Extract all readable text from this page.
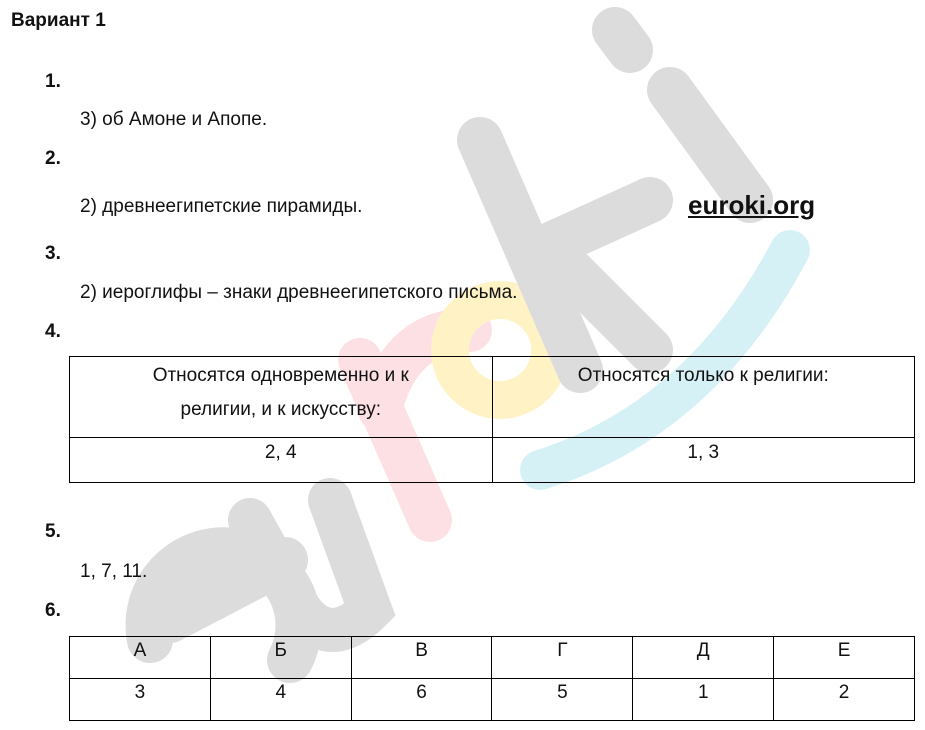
Вариант 1
1.
3) об Амоне и Апопе.
2.
2) древнеегипетские пирамиды.	euroki.org
3.
2) иероглифы – знаки древнеегипетского письма.
4.
Относятся одновременно и к религии, и к искусству:	Относятся только к религии:
2, 4	1, 3
5.
1, 7, 11.
6.
А	Б	В	Г	Д	Е
3	4	6	5	1	2
